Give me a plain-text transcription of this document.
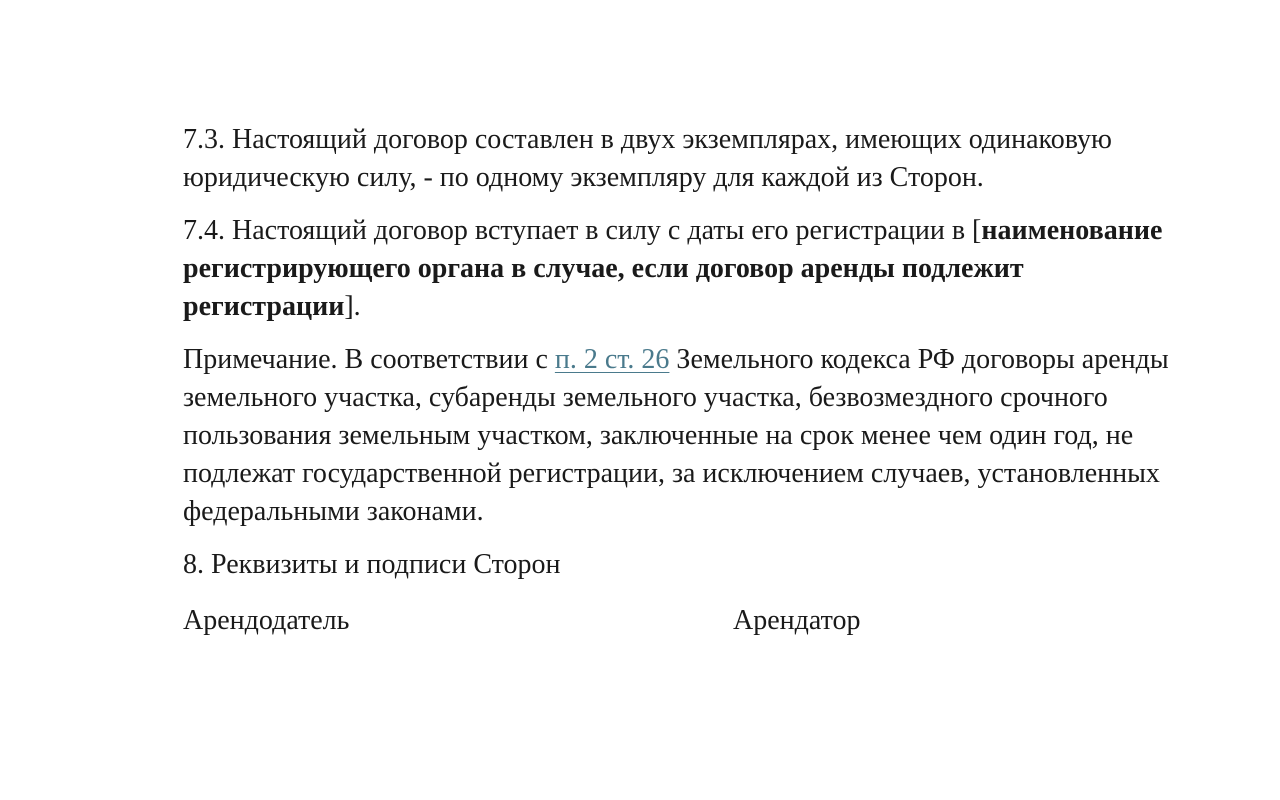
7.3. Настоящий договор составлен в двух экземплярах, имеющих одинаковую юридическую силу, - по одному экземпляру для каждой из Сторон.

7.4. Настоящий договор вступает в силу с даты его регистрации в [наименование регистрирующего органа в случае, если договор аренды подлежит регистрации].

Примечание. В соответствии с п. 2 ст. 26 Земельного кодекса РФ договоры аренды земельного участка, субаренды земельного участка, безвозмездного срочного пользования земельным участком, заключенные на срок менее чем один год, не подлежат государственной регистрации, за исключением случаев, установленных федеральными законами.

8. Реквизиты и подписи Сторон

Арендодатель	Арендатор
